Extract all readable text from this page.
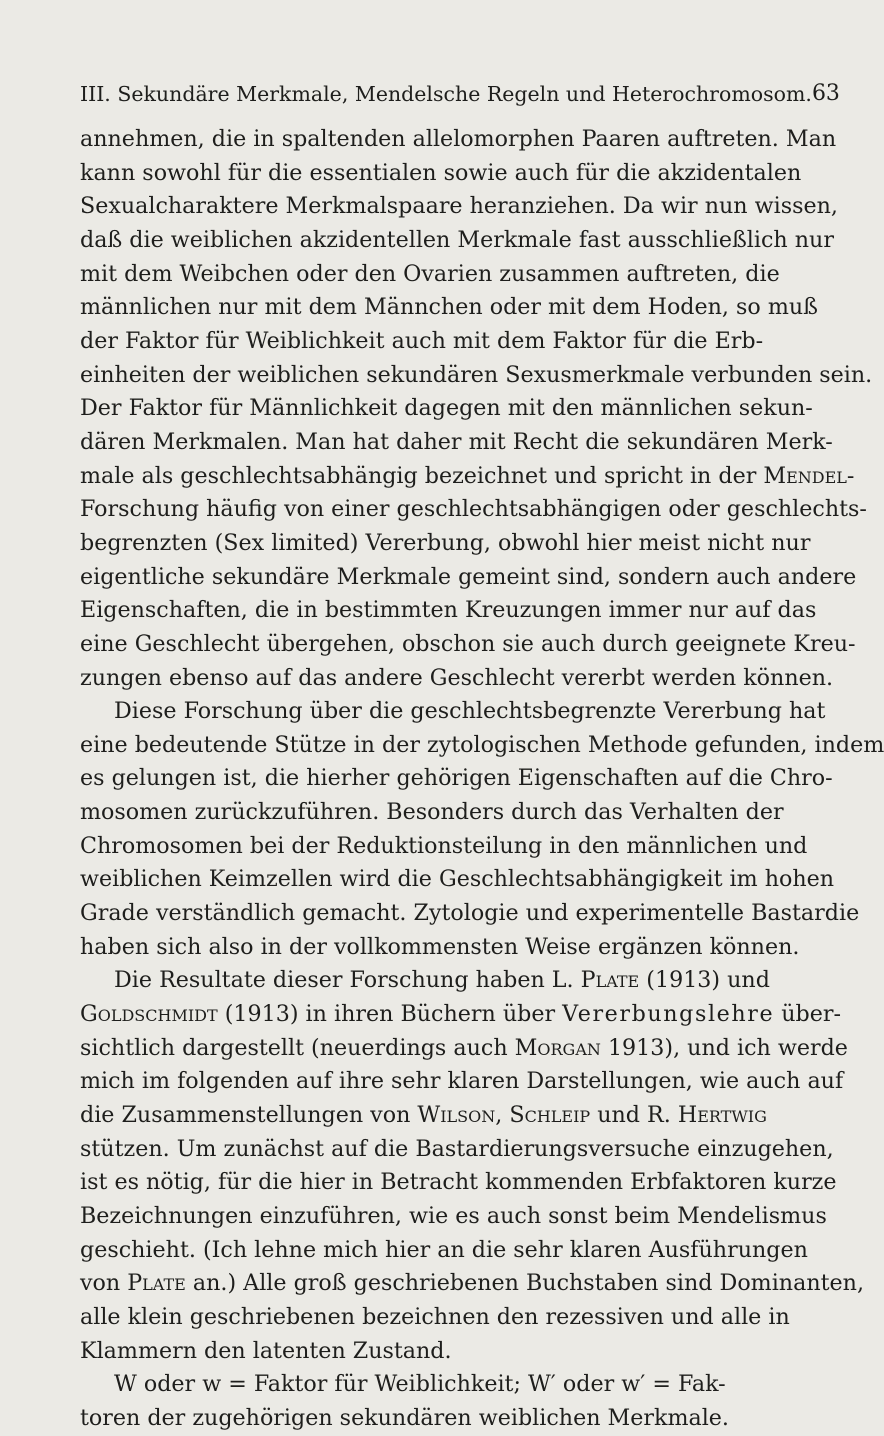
III. Sekundäre Merkmale, Mendelsche Regeln und Heterochromosom. 63

annehmen, die in spaltenden allelomorphen Paaren auftreten. Man
kann sowohl für die essentialen sowie auch für die akzidentalen
Sexualcharaktere Merkmalspaare heranziehen. Da wir nun wissen,
daß die weiblichen akzidentellen Merkmale fast ausschließlich nur
mit dem Weibchen oder den Ovarien zusammen auftreten, die
männlichen nur mit dem Männchen oder mit dem Hoden, so muß
der Faktor für Weiblichkeit auch mit dem Faktor für die Erb-
einheiten der weiblichen sekundären Sexusmerkmale verbunden sein.
Der Faktor für Männlichkeit dagegen mit den männlichen sekun-
dären Merkmalen. Man hat daher mit Recht die sekundären Merk-
male als geschlechtsabhängig bezeichnet und spricht in der Mendel-
Forschung häufig von einer geschlechtsabhängigen oder geschlechts-
begrenzten (Sex limited) Vererbung, obwohl hier meist nicht nur
eigentliche sekundäre Merkmale gemeint sind, sondern auch andere
Eigenschaften, die in bestimmten Kreuzungen immer nur auf das
eine Geschlecht übergehen, obschon sie auch durch geeignete Kreu-
zungen ebenso auf das andere Geschlecht vererbt werden können.

Diese Forschung über die geschlechtsbegrenzte Vererbung hat
eine bedeutende Stütze in der zytologischen Methode gefunden, indem
es gelungen ist, die hierher gehörigen Eigenschaften auf die Chro-
mosomen zurückzuführen. Besonders durch das Verhalten der
Chromosomen bei der Reduktionsteilung in den männlichen und
weiblichen Keimzellen wird die Geschlechtsabhängigkeit im hohen
Grade verständlich gemacht. Zytologie und experimentelle Bastardie
haben sich also in der vollkommensten Weise ergänzen können.

Die Resultate dieser Forschung haben L. Plate (1913) und
Goldschmidt (1913) in ihren Büchern über Vererbungslehre über-
sichtlich dargestellt (neuerdings auch Morgan 1913), und ich werde
mich im folgenden auf ihre sehr klaren Darstellungen, wie auch auf
die Zusammenstellungen von Wilson, Schleip und R. Hertwig
stützen. Um zunächst auf die Bastardierungsversuche einzugehen,
ist es nötig, für die hier in Betracht kommenden Erbfaktoren kurze
Bezeichnungen einzuführen, wie es auch sonst beim Mendelismus
geschieht. (Ich lehne mich hier an die sehr klaren Ausführungen
von Plate an.) Alle groß geschriebenen Buchstaben sind Dominanten,
alle klein geschriebenen bezeichnen den rezessiven und alle in
Klammern den latenten Zustand.

W oder w = Faktor für Weiblichkeit; W′ oder w′ = Fak-
toren der zugehörigen sekundären weiblichen Merkmale.
